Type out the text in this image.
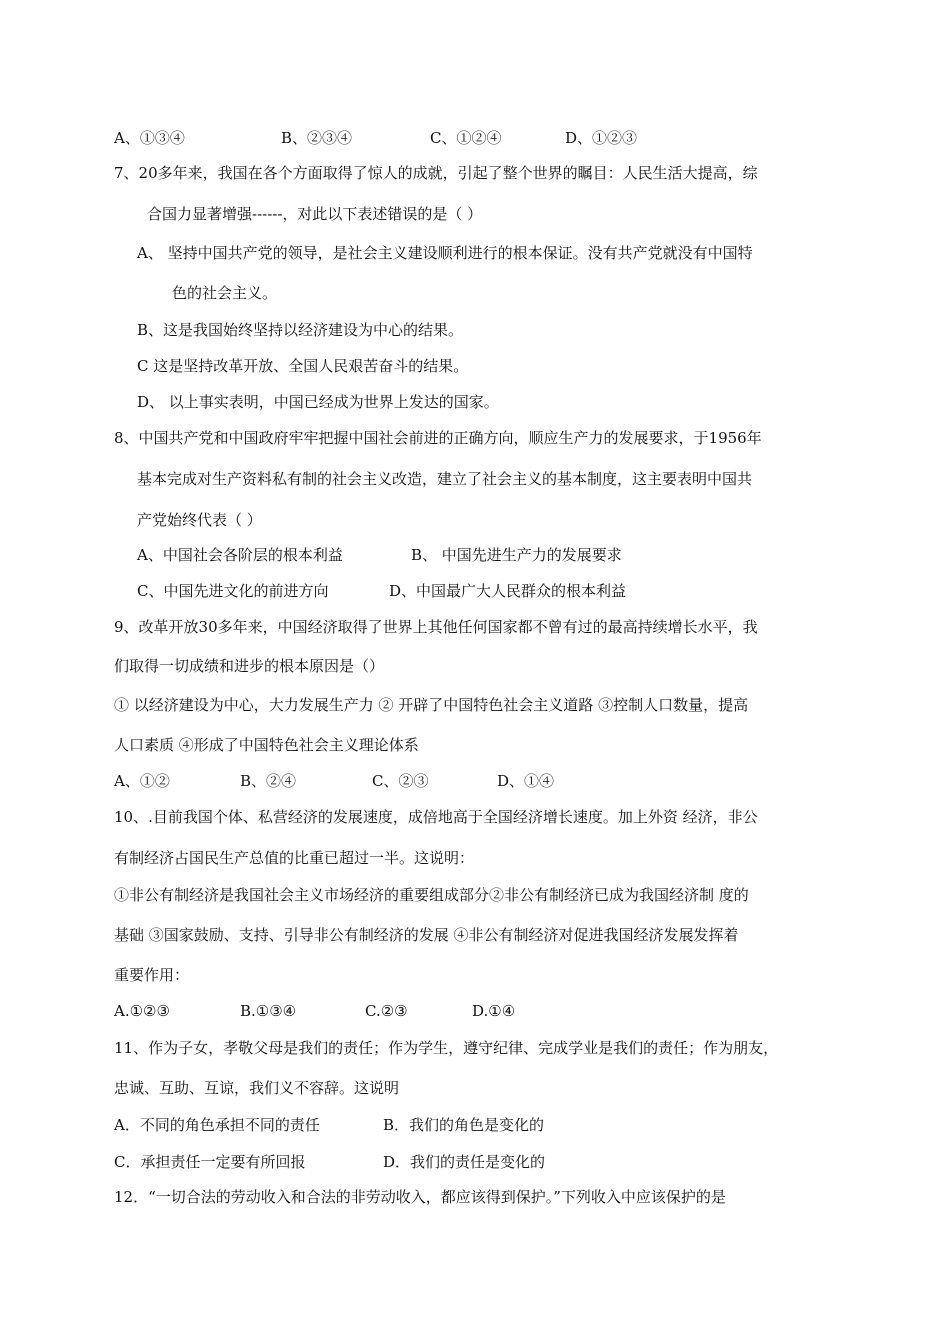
A、①③④	B、②③④	C、①②④	D、①②③
7、20多年来，我国在各个方面取得了惊人的成就，引起了整个世界的瞩目：人民生活大提高，综
合国力显著增强------，对此以下表述错误的是（ ）
A、 坚持中国共产党的领导，是社会主义建设顺利进行的根本保证。没有共产党就没有中国特
色的社会主义。
B、这是我国始终坚持以经济建设为中心的结果。
C 这是坚持改革开放、全国人民艰苦奋斗的结果。
D、 以上事实表明，中国已经成为世界上发达的国家。
8、中国共产党和中国政府牢牢把握中国社会前进的正确方向，顺应生产力的发展要求，于1956年
基本完成对生产资料私有制的社会主义改造，建立了社会主义的基本制度，这主要表明中国共
产党始终代表（ ）
A、中国社会各阶层的根本利益	B、 中国先进生产力的发展要求
C、中国先进文化的前进方向	D、中国最广大人民群众的根本利益
9、改革开放30多年来，中国经济取得了世界上其他任何国家都不曾有过的最高持续增长水平，我
们取得一切成绩和进步的根本原因是（）
① 以经济建设为中心，大力发展生产力 ② 开辟了中国特色社会主义道路 ③控制人口数量，提高
人口素质 ④形成了中国特色社会主义理论体系
A、①②	B、②④	C、②③	D、①④
10、.目前我国个体、私营经济的发展速度，成倍地高于全国经济增长速度。加上外资 经济，非公
有制经济占国民生产总值的比重已超过一半。这说明：
①非公有制经济是我国社会主义市场经济的重要组成部分②非公有制经济已成为我国经济制 度的
基础 ③国家鼓励、支持、引导非公有制经济的发展 ④非公有制经济对促进我国经济发展发挥着
重要作用：
A.①②③	B.①③④	C.②③	D.①④
11、作为子女，孝敬父母是我们的责任；作为学生，遵守纪律、完成学业是我们的责任；作为朋友，
忠诚、互助、互谅，我们义不容辞。这说明
A．不同的角色承担不同的责任	B．我们的角色是变化的
C．承担责任一定要有所回报	D．我们的责任是变化的
12．“一切合法的劳动收入和合法的非劳动收入，都应该得到保护。”下列收入中应该保护的是
